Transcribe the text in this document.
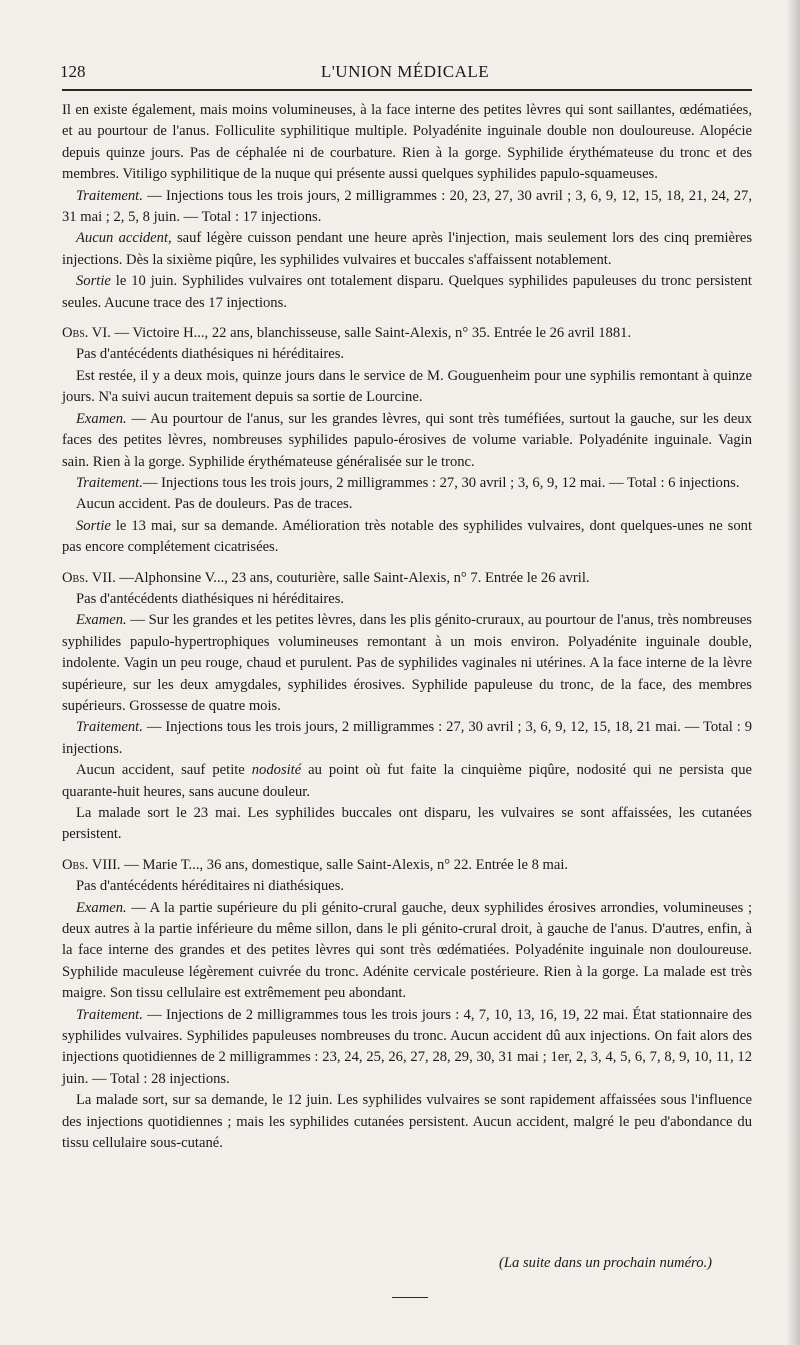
128	L'UNION MÉDICALE

Il en existe également, mais moins volumineuses, à la face interne des petites lèvres qui sont saillantes, œdématiées, et au pourtour de l'anus. Folliculite syphilitique multiple. Polyadénite inguinale double non douloureuse. Alopécie depuis quinze jours. Pas de céphalée ni de courbature. Rien à la gorge. Syphilide érythémateuse du tronc et des membres. Vitiligo syphilitique de la nuque qui présente aussi quelques syphilides papulo-squameuses.

Traitement. — Injections tous les trois jours, 2 milligrammes : 20, 23, 27, 30 avril ; 3, 6, 9, 12, 15, 18, 21, 24, 27, 31 mai ; 2, 5, 8 juin. — Total : 17 injections.

Aucun accident, sauf légère cuisson pendant une heure après l'injection, mais seulement lors des cinq premières injections. Dès la sixième piqûre, les syphilides vulvaires et buccales s'affaissent notablement.

Sortie le 10 juin. Syphilides vulvaires ont totalement disparu. Quelques syphilides papuleuses du tronc persistent seules. Aucune trace des 17 injections.

Obs. VI. — Victoire H..., 22 ans, blanchisseuse, salle Saint-Alexis, n° 35. Entrée le 26 avril 1881.

Pas d'antécédents diathésiques ni héréditaires.

Est restée, il y a deux mois, quinze jours dans le service de M. Gouguenheim pour une syphilis remontant à quinze jours. N'a suivi aucun traitement depuis sa sortie de Lourcine.

Examen. — Au pourtour de l'anus, sur les grandes lèvres, qui sont très tuméfiées, surtout la gauche, sur les deux faces des petites lèvres, nombreuses syphilides papulo-érosives de volume variable. Polyadénite inguinale. Vagin sain. Rien à la gorge. Syphilide érythémateuse généralisée sur le tronc.

Traitement.— Injections tous les trois jours, 2 milligrammes : 27, 30 avril ; 3, 6, 9, 12 mai. — Total : 6 injections.

Aucun accident. Pas de douleurs. Pas de traces.

Sortie le 13 mai, sur sa demande. Amélioration très notable des syphilides vulvaires, dont quelques-unes ne sont pas encore complétement cicatrisées.

Obs. VII. —Alphonsine V..., 23 ans, couturière, salle Saint-Alexis, n° 7. Entrée le 26 avril.

Pas d'antécédents diathésiques ni héréditaires.

Examen. — Sur les grandes et les petites lèvres, dans les plis génito-cruraux, au pourtour de l'anus, très nombreuses syphilides papulo-hypertrophiques volumineuses remontant à un mois environ. Polyadénite inguinale double, indolente. Vagin un peu rouge, chaud et purulent. Pas de syphilides vaginales ni utérines. A la face interne de la lèvre supérieure, sur les deux amygdales, syphilides érosives. Syphilide papuleuse du tronc, de la face, des membres supérieurs. Grossesse de quatre mois.

Traitement. — Injections tous les trois jours, 2 milligrammes : 27, 30 avril ; 3, 6, 9, 12, 15, 18, 21 mai. — Total : 9 injections.

Aucun accident, sauf petite nodosité au point où fut faite la cinquième piqûre, nodosité qui ne persista que quarante-huit heures, sans aucune douleur.

La malade sort le 23 mai. Les syphilides buccales ont disparu, les vulvaires se sont affaissées, les cutanées persistent.

Obs. VIII. — Marie T..., 36 ans, domestique, salle Saint-Alexis, n° 22. Entrée le 8 mai.

Pas d'antécédents héréditaires ni diathésiques.

Examen. — A la partie supérieure du pli génito-crural gauche, deux syphilides érosives arrondies, volumineuses ; deux autres à la partie inférieure du même sillon, dans le pli génito-crural droit, à gauche de l'anus. D'autres, enfin, à la face interne des grandes et des petites lèvres qui sont très œdématiées. Polyadénite inguinale non douloureuse. Syphilide maculeuse légèrement cuivrée du tronc. Adénite cervicale postérieure. Rien à la gorge. La malade est très maigre. Son tissu cellulaire est extrêmement peu abondant.

Traitement. — Injections de 2 milligrammes tous les trois jours : 4, 7, 10, 13, 16, 19, 22 mai. État stationnaire des syphilides vulvaires. Syphilides papuleuses nombreuses du tronc. Aucun accident dû aux injections. On fait alors des injections quotidiennes de 2 milligrammes : 23, 24, 25, 26, 27, 28, 29, 30, 31 mai ; 1er, 2, 3, 4, 5, 6, 7, 8, 9, 10, 11, 12 juin. — Total : 28 injections.

La malade sort, sur sa demande, le 12 juin. Les syphilides vulvaires se sont rapidement affaissées sous l'influence des injections quotidiennes ; mais les syphilides cutanées persistent. Aucun accident, malgré le peu d'abondance du tissu cellulaire sous-cutané.

(La suite dans un prochain numéro.)
